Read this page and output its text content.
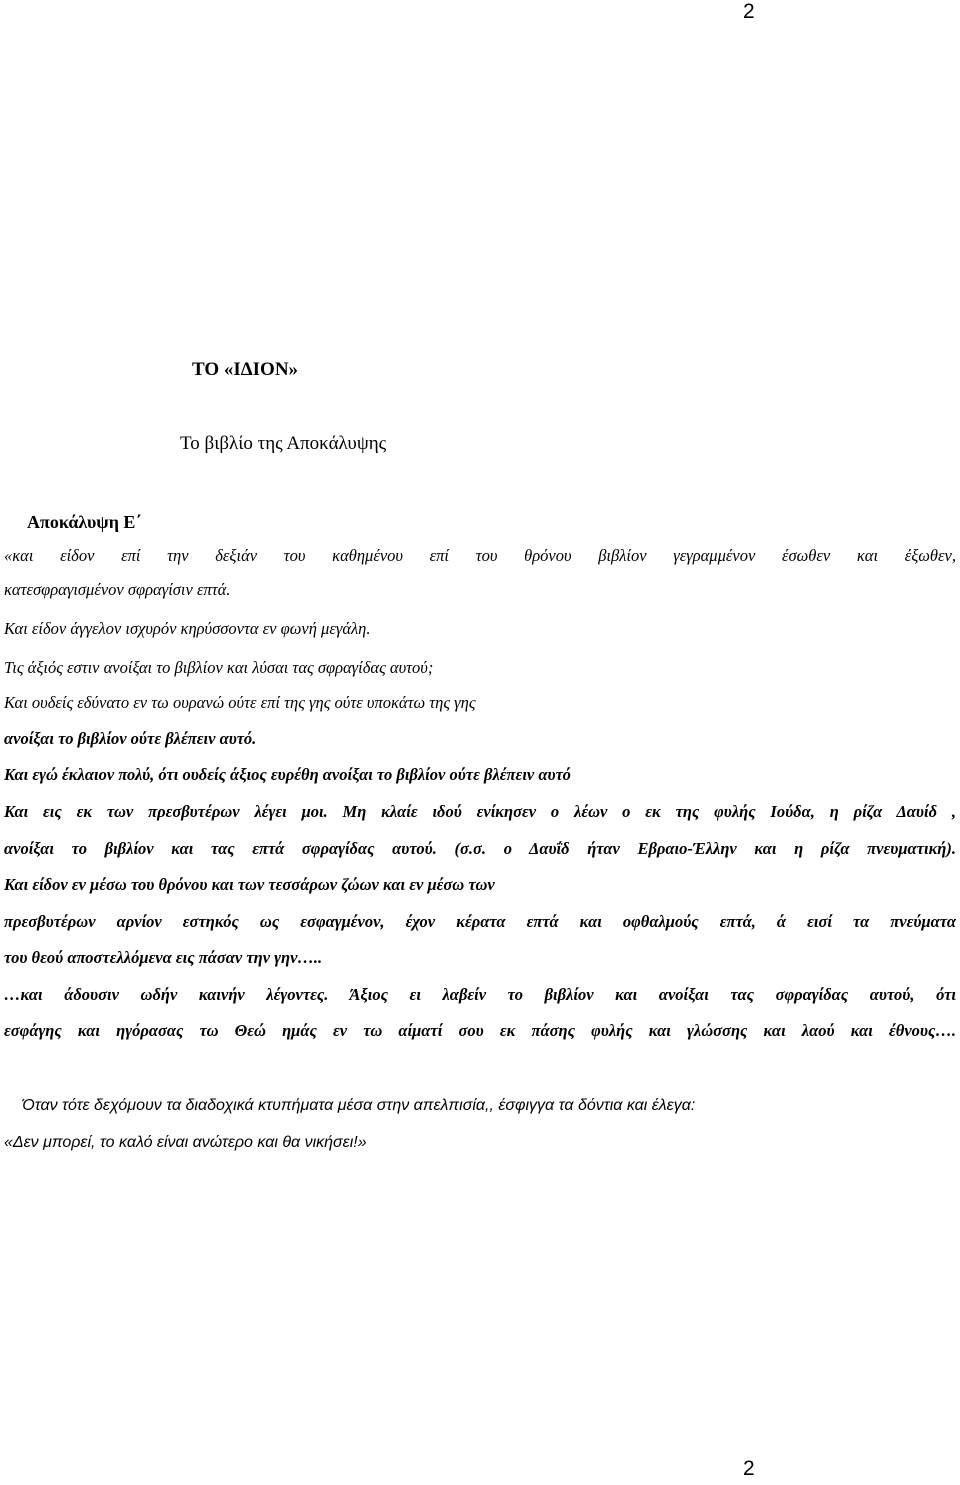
2
ΤΟ «ΙΔΙΟΝ»
Το βιβλίο της Αποκάλυψης
Αποκάλυψη Ε΄
«και είδον επί την δεξιάν του καθημένου επί του θρόνου βιβλίον γεγραμμένον έσωθεν και έξωθεν,
κατεσφραγισμένον σφραγίσιν επτά.
Και είδον άγγελον ισχυρόν κηρύσσοντα εν φωνή μεγάλη.
Τις άξιός εστιν ανοίξαι το βιβλίον και λύσαι τας σφραγίδας αυτού;
Και ουδείς εδύνατο εν τω ουρανώ ούτε επί της γης ούτε υποκάτω της γης
ανοίξαι το βιβλίον ούτε βλέπειν αυτό.
Και εγώ έκλαιον πολύ, ότι ουδείς άξιος ευρέθη ανοίξαι το βιβλίον ούτε βλέπειν αυτό
Και εις εκ των πρεσβυτέρων λέγει μοι. Μη κλαίε ιδού ενίκησεν ο λέων ο εκ της φυλής Ιούδα, η ρίζα Δαυίδ ,
ανοίξαι το βιβλίον και τας επτά σφραγίδας αυτού. (σ.σ. ο Δαυΐδ ήταν Εβραιο-Έλλην και η ρίζα πνευματική).
Και είδον εν μέσω του θρόνου και των τεσσάρων ζώων και εν μέσω των
πρεσβυτέρων αρνίον εστηκός ως εσφαγμένον, έχον κέρατα επτά και οφθαλμούς επτά, ά εισί τα πνεύματα
του θεού αποστελλόμενα εις πάσαν την γην…..
…και άδουσιν ωδήν καινήν λέγοντες. Άξιος ει λαβείν το βιβλίον και ανοίξαι τας σφραγίδας αυτού, ότι
εσφάγης και ηγόρασας τω Θεώ ημάς εν τω αίματί σου εκ πάσης φυλής και γλώσσης και λαού και έθνους….
Όταν τότε δεχόμουν τα διαδοχικά κτυπήματα μέσα στην απελπισία,, έσφιγγα τα δόντια και έλεγα:
«Δεν μπορεί, το καλό είναι ανώτερο και θα νικήσει!»
2
